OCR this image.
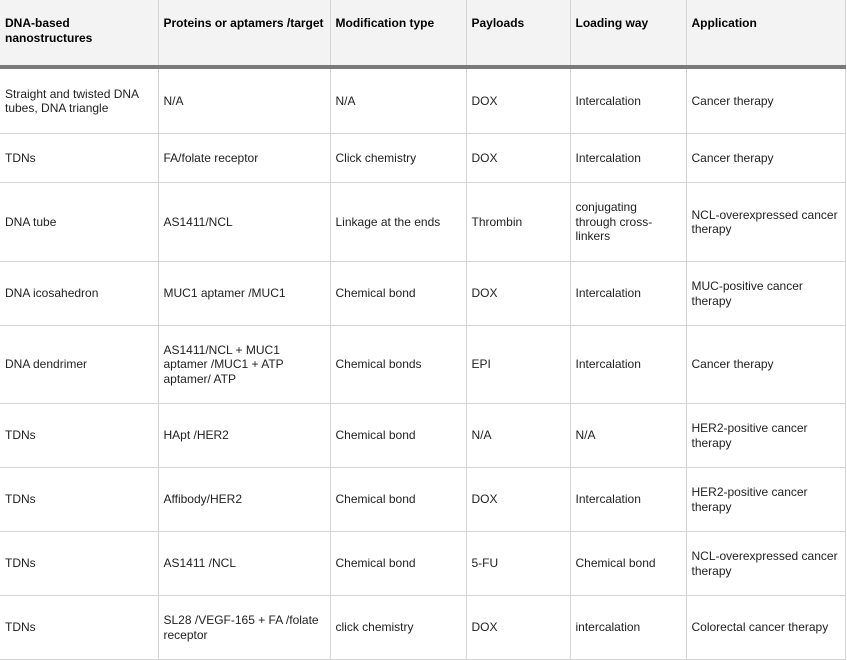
DNA-based nanostructures	Proteins or aptamers /target	Modification type	Payloads	Loading way	Application
Straight and twisted DNA tubes, DNA triangle	N/A	N/A	DOX	Intercalation	Cancer therapy
TDNs	FA/folate receptor	Click chemistry	DOX	Intercalation	Cancer therapy
DNA tube	AS1411/NCL	Linkage at the ends	Thrombin	conjugating through cross-linkers	NCL-overexpressed cancer therapy
DNA icosahedron	MUC1 aptamer /MUC1	Chemical bond	DOX	Intercalation	MUC-positive cancer therapy
DNA dendrimer	AS1411/NCL + MUC1 aptamer /MUC1 + ATP aptamer/ ATP	Chemical bonds	EPI	Intercalation	Cancer therapy
TDNs	HApt /HER2	Chemical bond	N/A	N/A	HER2-positive cancer therapy
TDNs	Affibody/HER2	Chemical bond	DOX	Intercalation	HER2-positive cancer therapy
TDNs	AS1411 /NCL	Chemical bond	5-FU	Chemical bond	NCL-overexpressed cancer therapy
TDNs	SL28 /VEGF-165 + FA /folate receptor	click chemistry	DOX	intercalation	Colorectal cancer therapy
